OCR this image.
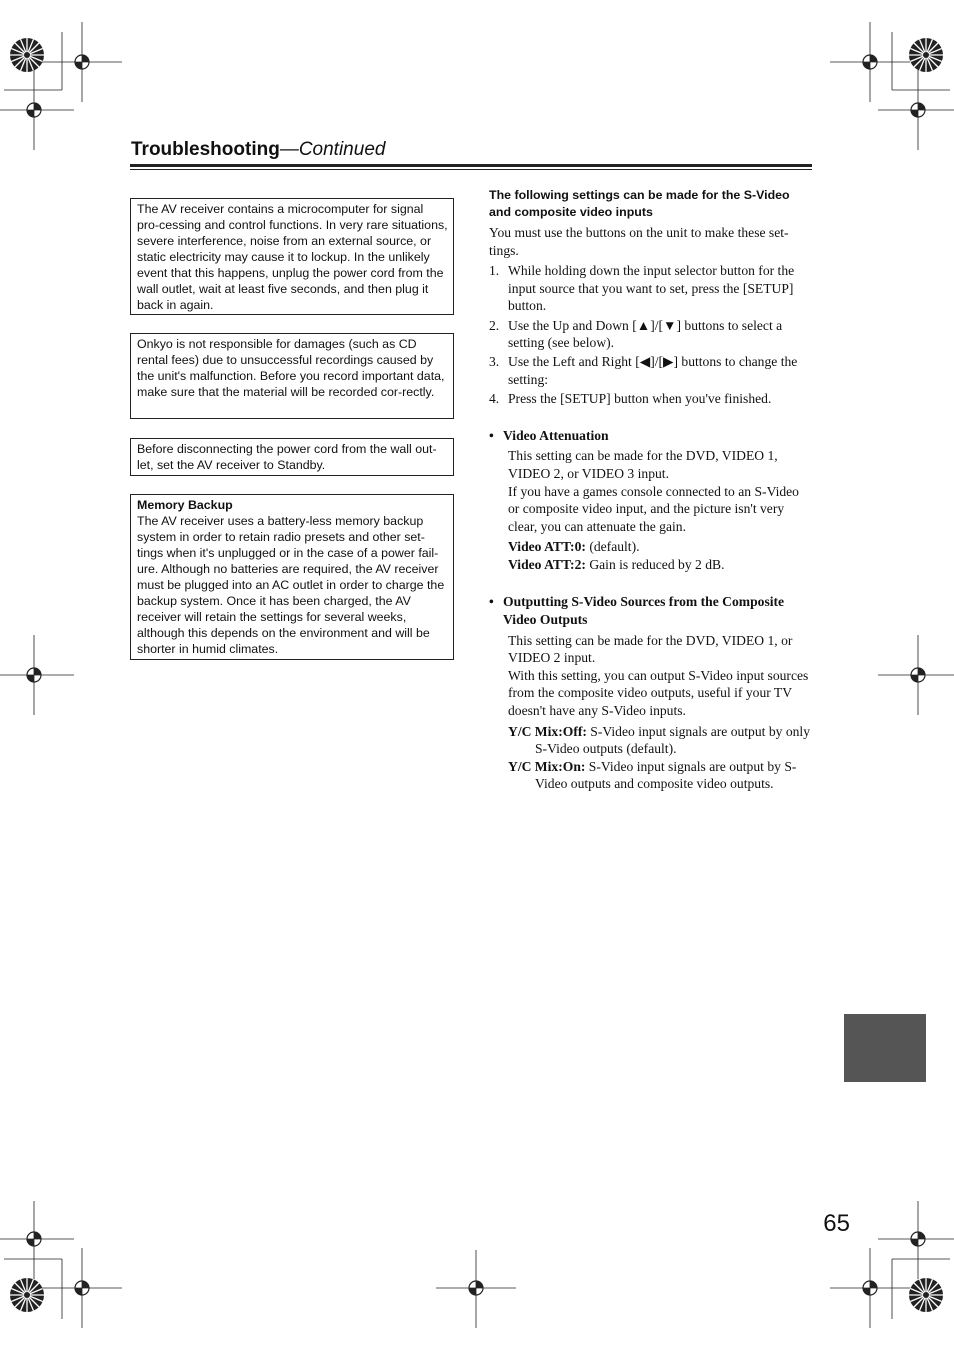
Troubleshooting—Continued

The AV receiver contains a microcomputer for signal pro-cessing and control functions. In very rare situations, severe interference, noise from an external source, or static electricity may cause it to lockup. In the unlikely event that this happens, unplug the power cord from the wall outlet, wait at least five seconds, and then plug it back in again.

Onkyo is not responsible for damages (such as CD rental fees) due to unsuccessful recordings caused by the unit's malfunction. Before you record important data, make sure that the material will be recorded cor-rectly.

Before disconnecting the power cord from the wall out-let, set the AV receiver to Standby.

Memory Backup

The AV receiver uses a battery-less memory backup system in order to retain radio presets and other set-tings when it's unplugged or in the case of a power fail-ure. Although no batteries are required, the AV receiver must be plugged into an AC outlet in order to charge the backup system. Once it has been charged, the AV receiver will retain the settings for several weeks, although this depends on the environment and will be shorter in humid climates.

The following settings can be made for the S-Video and composite video inputs

You must use the buttons on the unit to make these set-tings.

1. While holding down the input selector button for the input source that you want to set, press the [SETUP] button.
2. Use the Up and Down [▲]/[▼] buttons to select a setting (see below).
3. Use the Left and Right [◀]/[▶] buttons to change the setting:
4. Press the [SETUP] button when you've finished.

• Video Attenuation

This setting can be made for the DVD, VIDEO 1, VIDEO 2, or VIDEO 3 input.

If you have a games console connected to an S-Video or composite video input, and the picture isn't very clear, you can attenuate the gain.

Video ATT:0: (default).

Video ATT:2: Gain is reduced by 2 dB.

• Outputting S-Video Sources from the Composite Video Outputs

This setting can be made for the DVD, VIDEO 1, or VIDEO 2 input.

With this setting, you can output S-Video input sources from the composite video outputs, useful if your TV doesn't have any S-Video inputs.

Y/C Mix:Off: S-Video input signals are output by only S-Video outputs (default).

Y/C Mix:On: S-Video input signals are output by S-Video outputs and composite video outputs.

65
